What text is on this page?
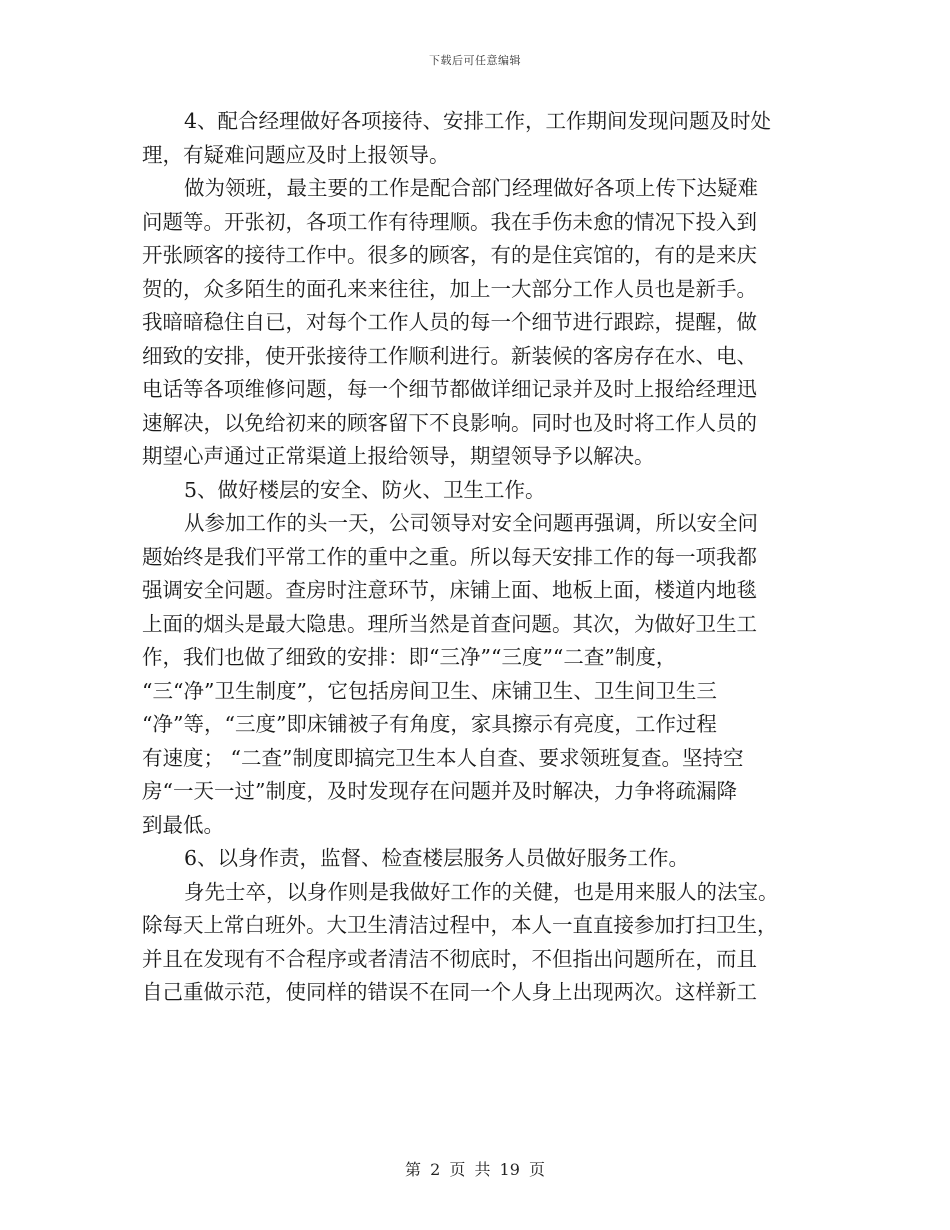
下载后可任意编辑
4、配合经理做好各项接待、安排工作，工作期间发现问题及时处
理，有疑难问题应及时上报领导。
做为领班，最主要的工作是配合部门经理做好各项上传下达疑难
问题等。开张初，各项工作有待理顺。我在手伤未愈的情况下投入到
开张顾客的接待工作中。很多的顾客，有的是住宾馆的，有的是来庆
贺的，众多陌生的面孔来来往往，加上一大部分工作人员也是新手。
我暗暗稳住自已，对每个工作人员的每一个细节进行跟踪，提醒，做
细致的安排，使开张接待工作顺利进行。新装候的客房存在水、电、
电话等各项维修问题，每一个细节都做详细记录并及时上报给经理迅
速解决，以免给初来的顾客留下不良影响。同时也及时将工作人员的
期望心声通过正常渠道上报给领导，期望领导予以解决。
5、做好楼层的安全、防火、卫生工作。
从参加工作的头一天，公司领导对安全问题再强调，所以安全问
题始终是我们平常工作的重中之重。所以每天安排工作的每一项我都
强调安全问题。查房时注意环节，床铺上面、地板上面，楼道内地毯
上面的烟头是最大隐患。理所当然是首查问题。其次，为做好卫生工
作，我们也做了细致的安排：即“三净”“三度”“二查”制度，
“三“净”卫生制度”，它包括房间卫生、床铺卫生、卫生间卫生三
“净”等，“三度”即床铺被子有角度，家具擦示有亮度，工作过程
有速度； “二查”制度即搞完卫生本人自查、要求领班复查。坚持空
房“一天一过”制度，及时发现存在问题并及时解决，力争将疏漏降
到最低。
6、以身作责，监督、检查楼层服务人员做好服务工作。
身先士卒，以身作则是我做好工作的关健，也是用来服人的法宝。
除每天上常白班外。大卫生清洁过程中，本人一直直接参加打扫卫生，
并且在发现有不合程序或者清洁不彻底时，不但指出问题所在，而且
自己重做示范，使同样的错误不在同一个人身上出现两次。这样新工
第 2 页 共 19 页
